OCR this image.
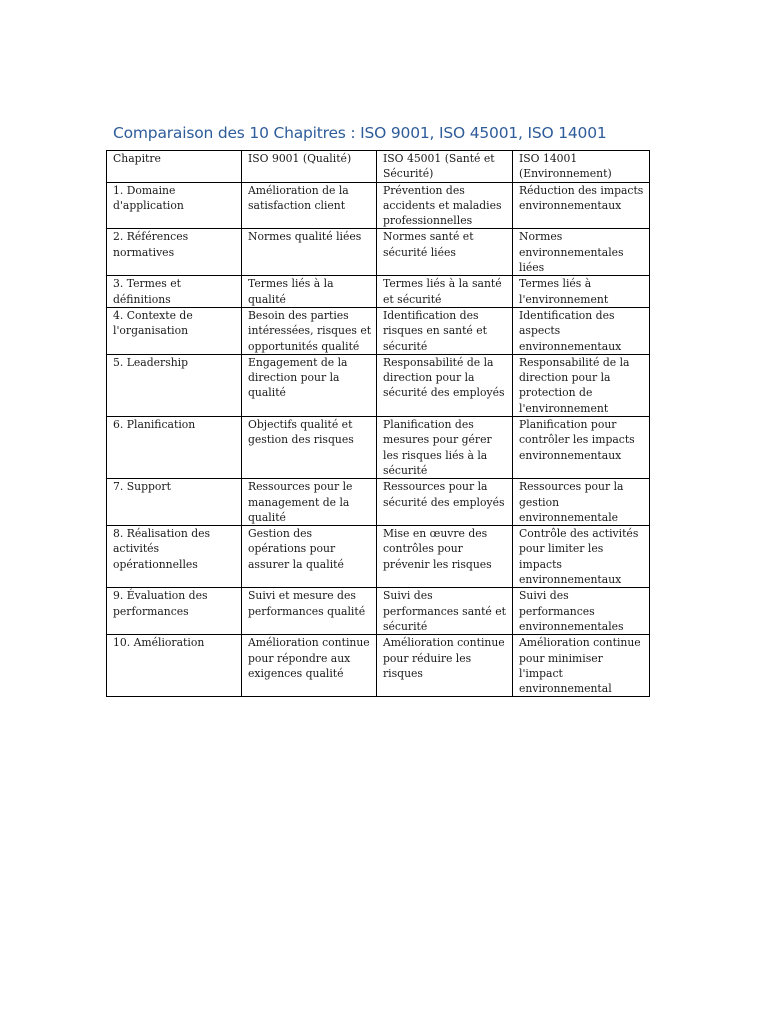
Comparaison des 10 Chapitres : ISO 9001, ISO 45001, ISO 14001
Chapitre	ISO 9001 (Qualité)	ISO 45001 (Santé et Sécurité)	ISO 14001 (Environnement)
1. Domaine d'application	Amélioration de la satisfaction client	Prévention des accidents et maladies professionnelles	Réduction des impacts environnementaux
2. Références normatives	Normes qualité liées	Normes santé et sécurité liées	Normes environnementales liées
3. Termes et définitions	Termes liés à la qualité	Termes liés à la santé et sécurité	Termes liés à l'environnement
4. Contexte de l'organisation	Besoin des parties intéressées, risques et opportunités qualité	Identification des risques en santé et sécurité	Identification des aspects environnementaux
5. Leadership	Engagement de la direction pour la qualité	Responsabilité de la direction pour la sécurité des employés	Responsabilité de la direction pour la protection de l'environnement
6. Planification	Objectifs qualité et gestion des risques	Planification des mesures pour gérer les risques liés à la sécurité	Planification pour contrôler les impacts environnementaux
7. Support	Ressources pour le management de la qualité	Ressources pour la sécurité des employés	Ressources pour la gestion environnementale
8. Réalisation des activités opérationnelles	Gestion des opérations pour assurer la qualité	Mise en œuvre des contrôles pour prévenir les risques	Contrôle des activités pour limiter les impacts environnementaux
9. Évaluation des performances	Suivi et mesure des performances qualité	Suivi des performances santé et sécurité	Suivi des performances environnementales
10. Amélioration	Amélioration continue pour répondre aux exigences qualité	Amélioration continue pour réduire les risques	Amélioration continue pour minimiser l'impact environnemental
